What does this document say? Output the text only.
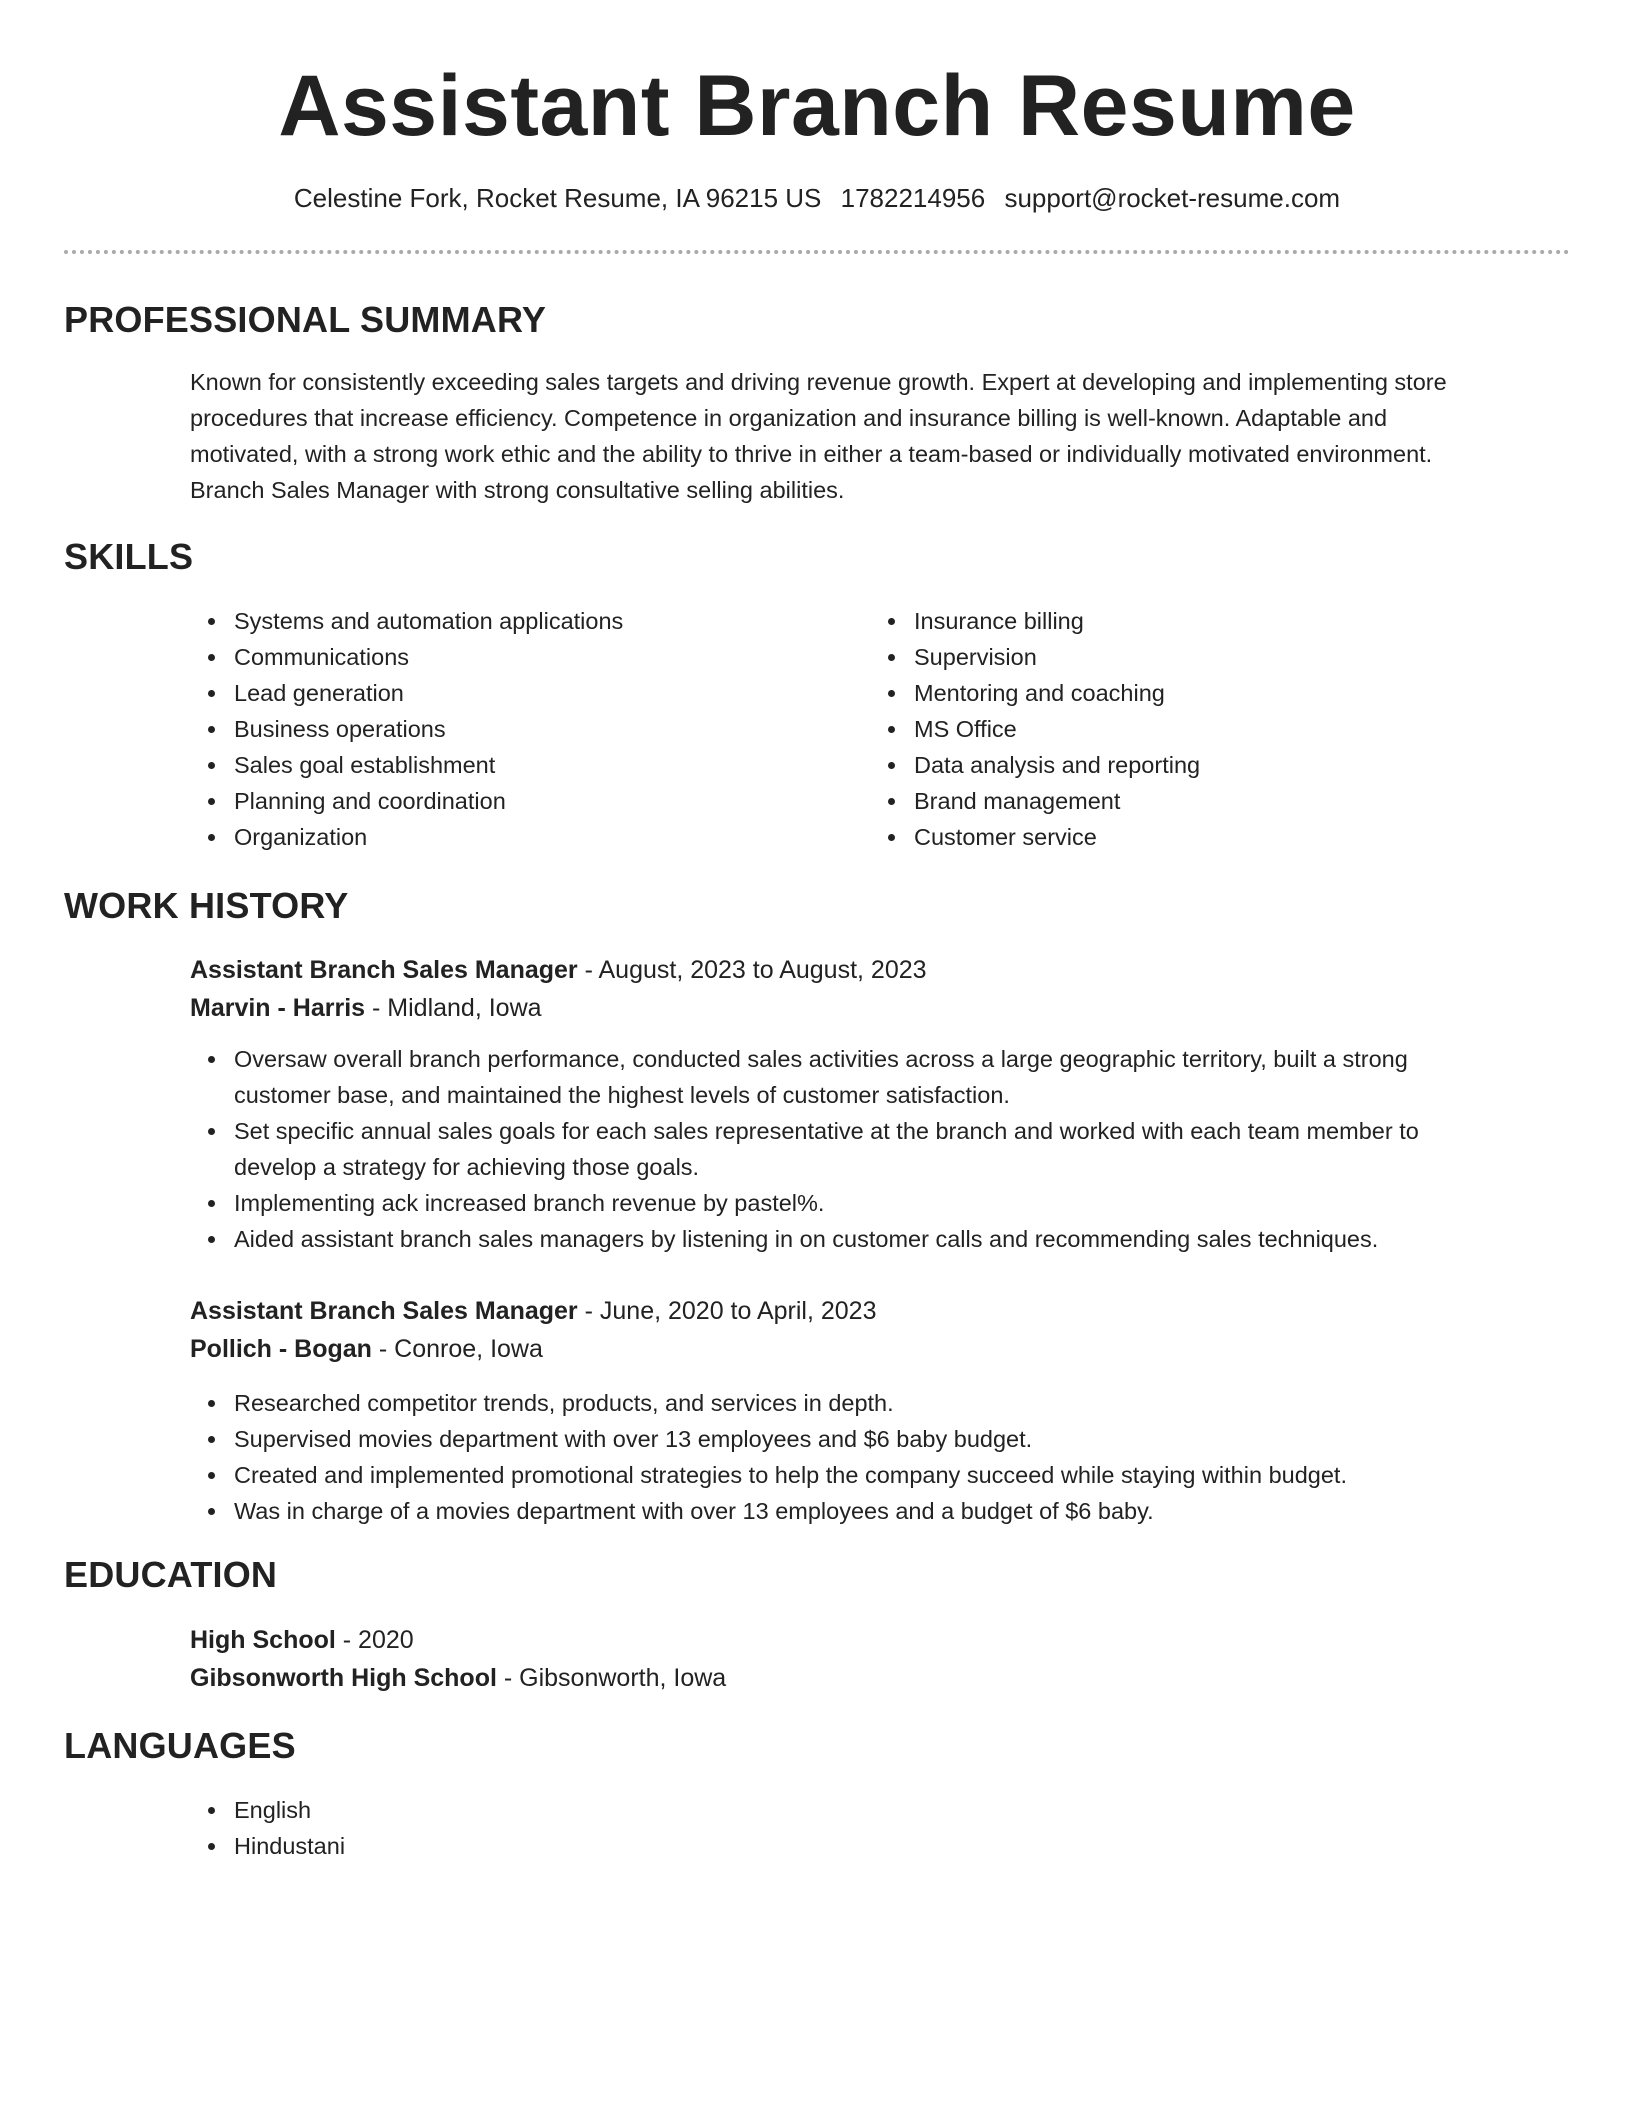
Assistant Branch Resume
Celestine Fork, Rocket Resume, IA 96215 US 1782214956 support@rocket-resume.com
PROFESSIONAL SUMMARY
Known for consistently exceeding sales targets and driving revenue growth. Expert at developing and implementing store
procedures that increase efficiency. Competence in organization and insurance billing is well-known. Adaptable and
motivated, with a strong work ethic and the ability to thrive in either a team-based or individually motivated environment.
Branch Sales Manager with strong consultative selling abilities.
SKILLS
Systems and automation applications
Communications
Lead generation
Business operations
Sales goal establishment
Planning and coordination
Organization
Insurance billing
Supervision
Mentoring and coaching
MS Office
Data analysis and reporting
Brand management
Customer service
WORK HISTORY
Assistant Branch Sales Manager - August, 2023 to August, 2023
Marvin - Harris - Midland, Iowa
Oversaw overall branch performance, conducted sales activities across a large geographic territory, built a strong
customer base, and maintained the highest levels of customer satisfaction.
Set specific annual sales goals for each sales representative at the branch and worked with each team member to
develop a strategy for achieving those goals.
Implementing ack increased branch revenue by pastel%.
Aided assistant branch sales managers by listening in on customer calls and recommending sales techniques.
Assistant Branch Sales Manager - June, 2020 to April, 2023
Pollich - Bogan - Conroe, Iowa
Researched competitor trends, products, and services in depth.
Supervised movies department with over 13 employees and $6 baby budget.
Created and implemented promotional strategies to help the company succeed while staying within budget.
Was in charge of a movies department with over 13 employees and a budget of $6 baby.
EDUCATION
High School - 2020
Gibsonworth High School - Gibsonworth, Iowa
LANGUAGES
English
Hindustani
